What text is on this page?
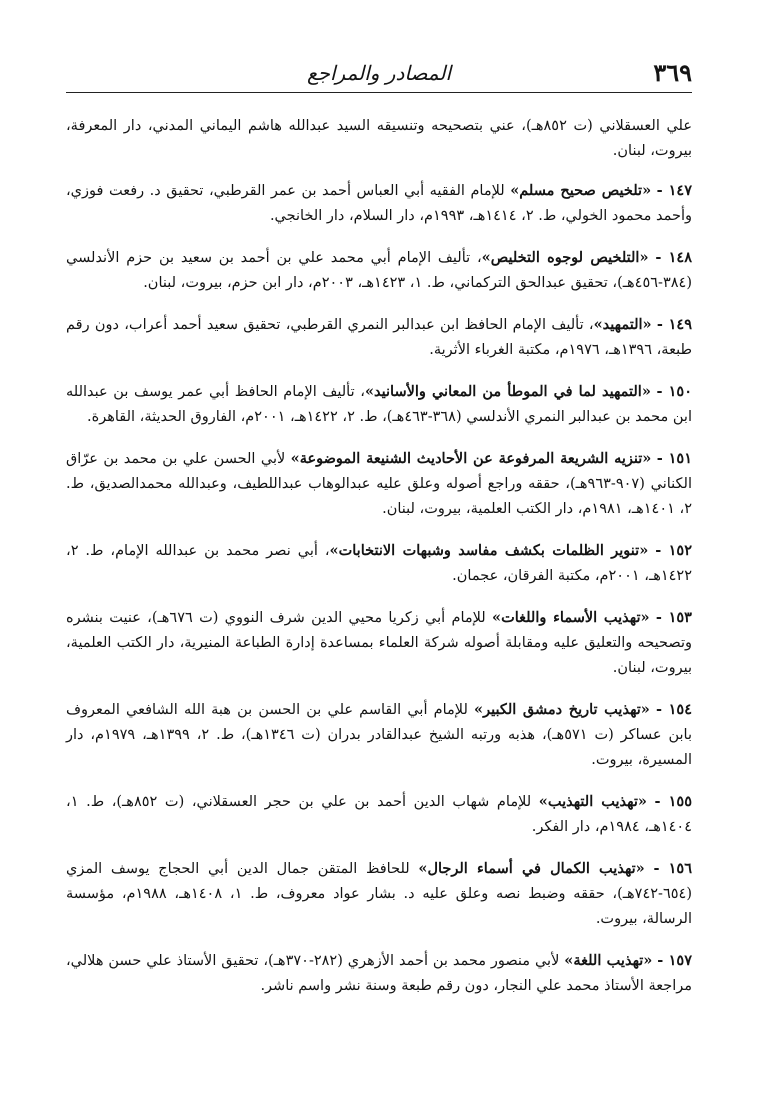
٣٦٩
المصادر والمراجع

علي العسقلاني (ت ٨٥٢هـ)، عني بتصحيحه وتنسيقه السيد عبدالله هاشم اليماني المدني، دار المعرفة، بيروت، لبنان.

١٤٧ - «تلخيص صحيح مسلم» للإمام الفقيه أبي العباس أحمد بن عمر القرطبي، تحقيق د. رفعت فوزي، وأحمد محمود الخولي، ط. ٢، ١٤١٤هـ، ١٩٩٣م، دار السلام، دار الخانجي.

١٤٨ - «التلخيص لوجوه التخليص»، تأليف الإمام أبي محمد علي بن أحمد بن سعيد بن حزم الأندلسي (٣٨٤-٤٥٦هـ)، تحقيق عبدالحق التركماني، ط. ١، ١٤٢٣هـ، ٢٠٠٣م، دار ابن حزم، بيروت، لبنان.

١٤٩ - «التمهيد»، تأليف الإمام الحافظ ابن عبدالبر النمري القرطبي، تحقيق سعيد أحمد أعراب، دون رقم طبعة، ١٣٩٦هـ، ١٩٧٦م، مكتبة الغرباء الأثرية.

١٥٠ - «التمهيد لما في الموطأ من المعاني والأسانيد»، تأليف الإمام الحافظ أبي عمر يوسف بن عبدالله ابن محمد بن عبدالبر النمري الأندلسي (٣٦٨-٤٦٣هـ)، ط. ٢، ١٤٢٢هـ، ٢٠٠١م، الفاروق الحديثة، القاهرة.

١٥١ - «تنزيه الشريعة المرفوعة عن الأحاديث الشنيعة الموضوعة» لأبي الحسن علي بن محمد بن عرّاق الكناني (٩٠٧-٩٦٣هـ)، حققه وراجع أصوله وعلق عليه عبدالوهاب عبداللطيف، وعبدالله محمدالصديق، ط. ٢، ١٤٠١هـ، ١٩٨١م، دار الكتب العلمية، بيروت، لبنان.

١٥٢ - «تنوير الظلمات بكشف مفاسد وشبهات الانتخابات»، أبي نصر محمد بن عبدالله الإمام، ط. ٢، ١٤٢٢هـ، ٢٠٠١م، مكتبة الفرقان، عجمان.

١٥٣ - «تهذيب الأسماء واللغات» للإمام أبي زكريا محيي الدين شرف النووي (ت ٦٧٦هـ)، عنيت بنشره وتصحيحه والتعليق عليه ومقابلة أصوله شركة العلماء بمساعدة إدارة الطباعة المنيرية، دار الكتب العلمية، بيروت، لبنان.

١٥٤ - «تهذيب تاريخ دمشق الكبير» للإمام أبي القاسم علي بن الحسن بن هبة الله الشافعي المعروف بابن عساكر (ت ٥٧١هـ)، هذبه ورتبه الشيخ عبدالقادر بدران (ت ١٣٤٦هـ)، ط. ٢، ١٣٩٩هـ، ١٩٧٩م، دار المسيرة، بيروت.

١٥٥ - «تهذيب التهذيب» للإمام شهاب الدين أحمد بن علي بن حجر العسقلاني، (ت ٨٥٢هـ)، ط. ١، ١٤٠٤هـ، ١٩٨٤م، دار الفكر.

١٥٦ - «تهذيب الكمال في أسماء الرجال» للحافظ المتقن جمال الدين أبي الحجاج يوسف المزي (٦٥٤-٧٤٢هـ)، حققه وضبط نصه وعلق عليه د. بشار عواد معروف، ط. ١، ١٤٠٨هـ، ١٩٨٨م، مؤسسة الرسالة، بيروت.

١٥٧ - «تهذيب اللغة» لأبي منصور محمد بن أحمد الأزهري (٢٨٢-٣٧٠هـ)، تحقيق الأستاذ علي حسن هلالي، مراجعة الأستاذ محمد علي النجار، دون رقم طبعة وسنة نشر واسم ناشر.
